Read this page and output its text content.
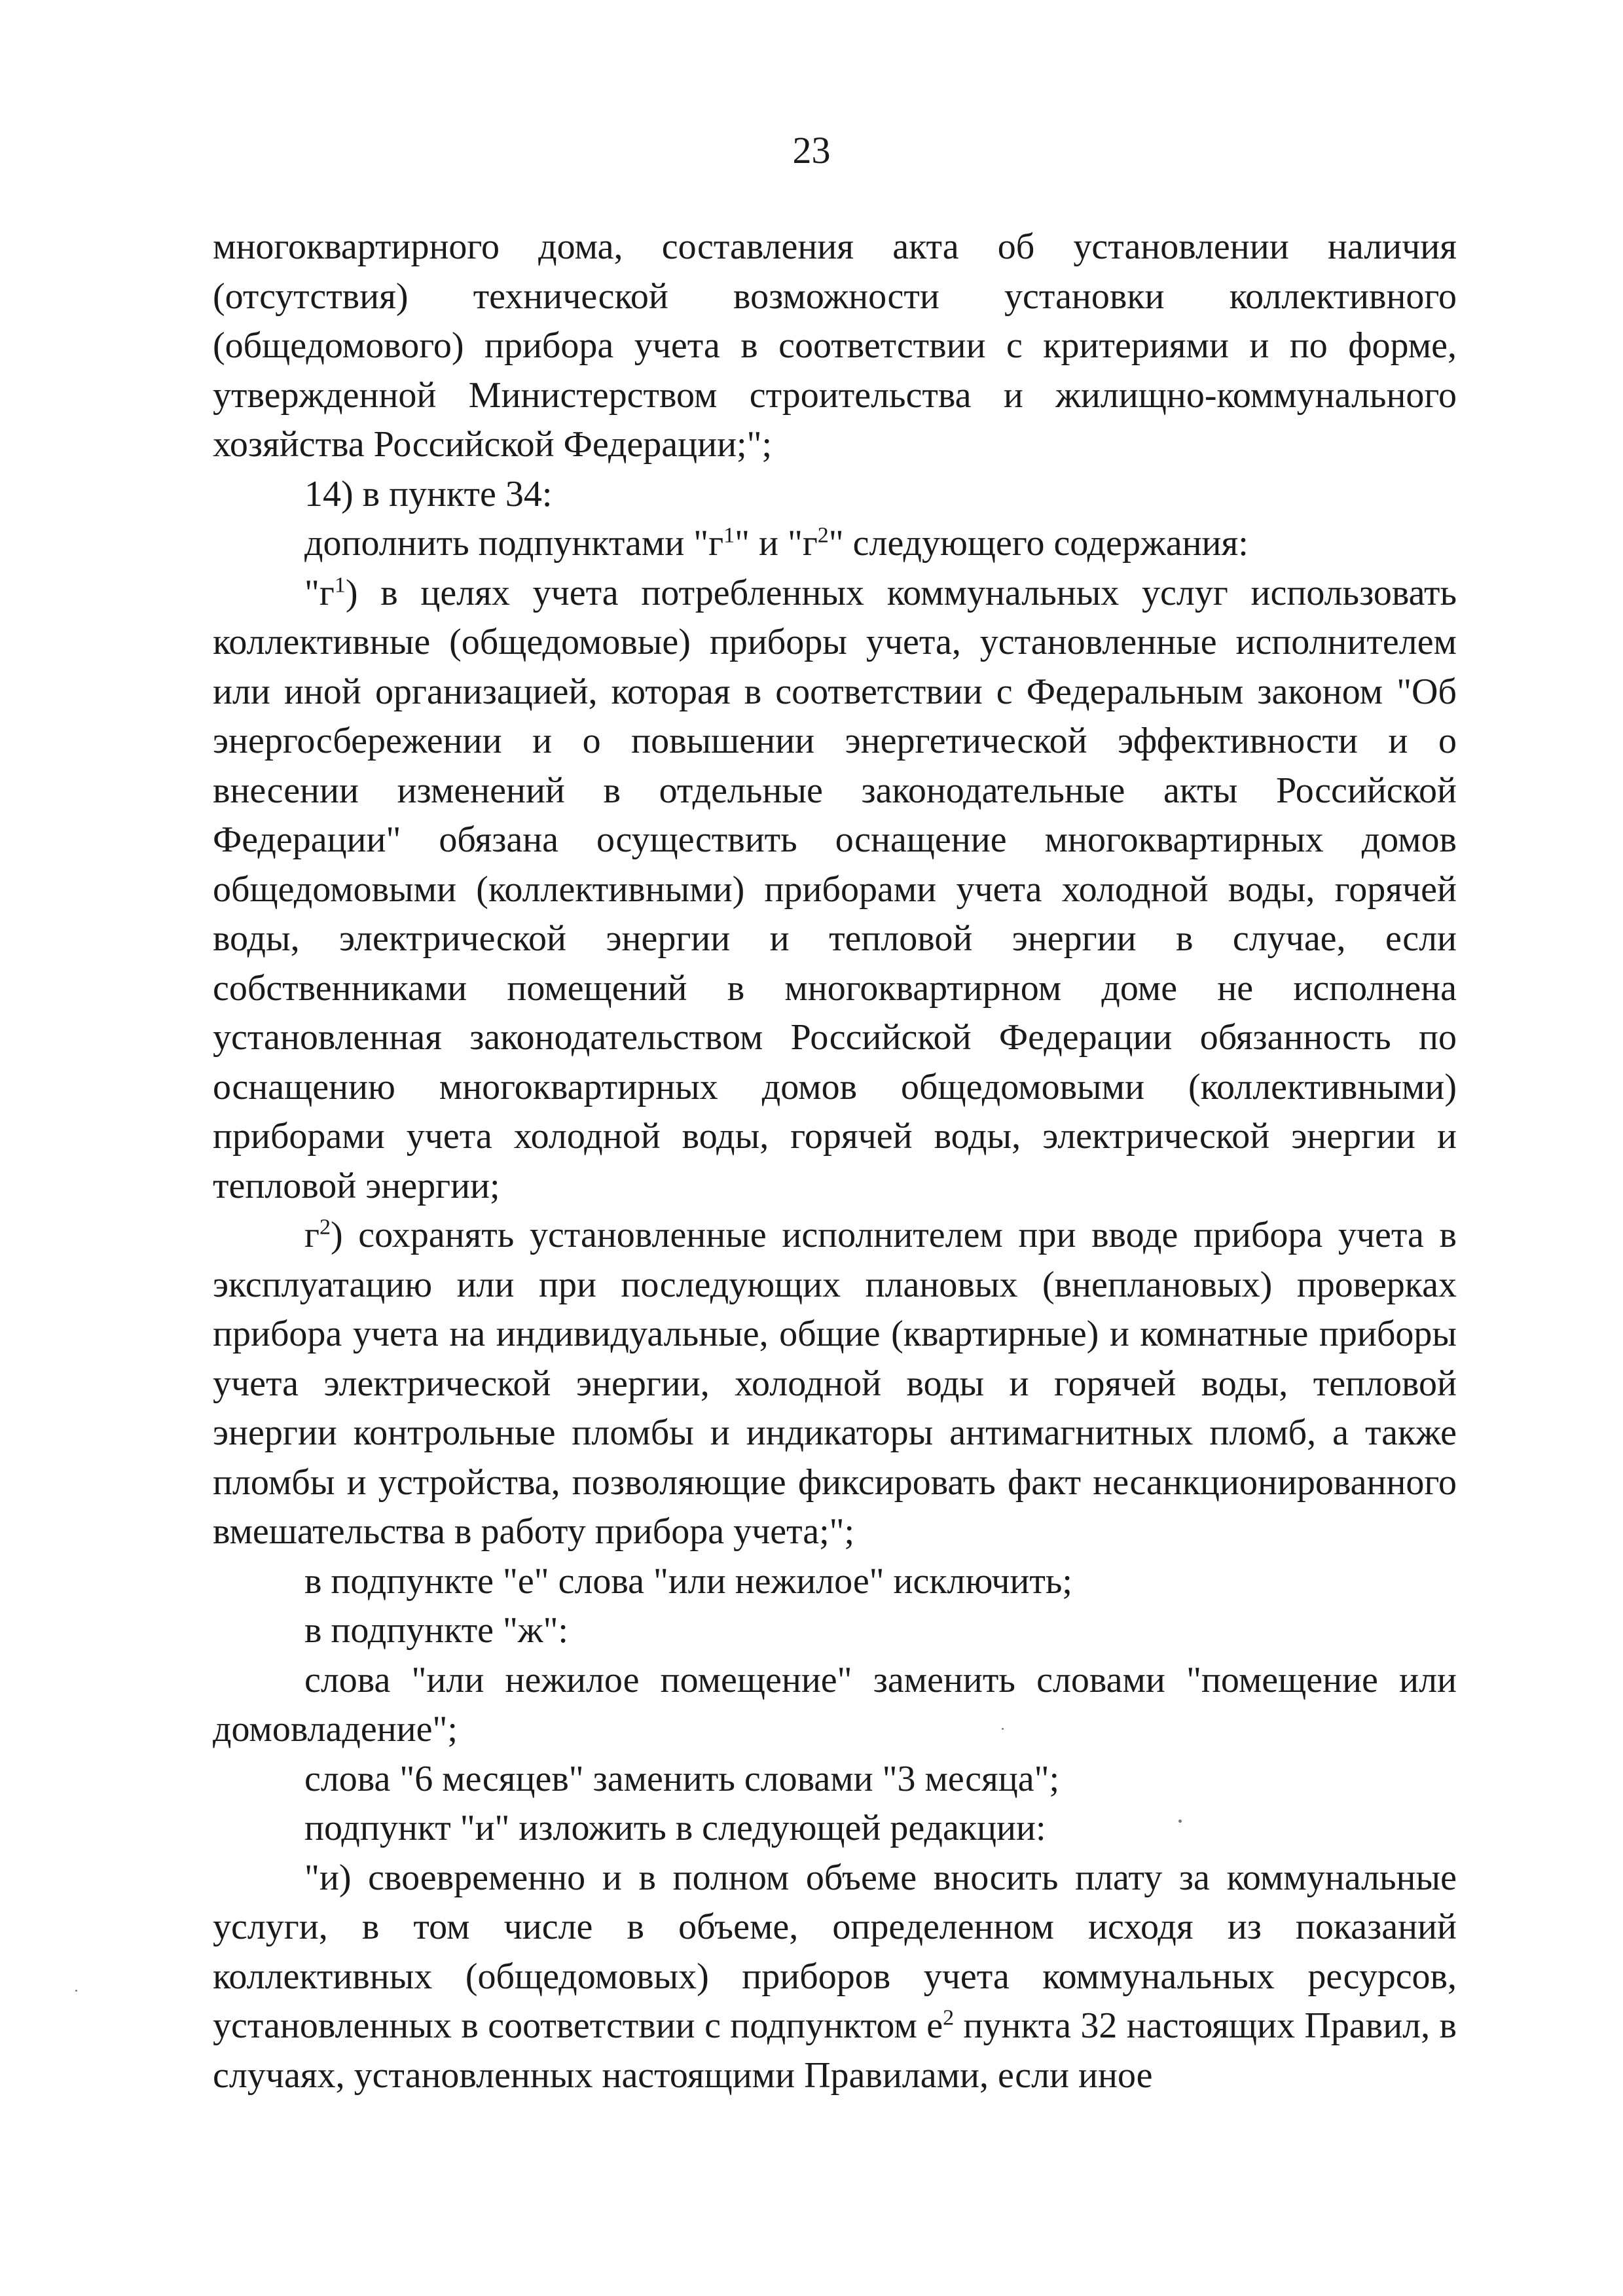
23

многоквартирного дома, составления акта об установлении наличия (отсутствия) технической возможности установки коллективного (общедомового) прибора учета в соответствии с критериями и по форме, утвержденной Министерством строительства и жилищно-коммунального хозяйства Российской Федерации;";

14) в пункте 34:

дополнить подпунктами "$г^1$" и "$г^2$" следующего содержания:

"$г^1$) в целях учета потребленных коммунальных услуг использовать коллективные (общедомовые) приборы учета, установленные исполнителем или иной организацией, которая в соответствии с Федеральным законом "Об энергосбережении и о повышении энергетической эффективности и о внесении изменений в отдельные законодательные акты Российской Федерации" обязана осуществить оснащение многоквартирных домов общедомовыми (коллективными) приборами учета холодной воды, горячей воды, электрической энергии и тепловой энергии в случае, если собственниками помещений в многоквартирном доме не исполнена установленная законодательством Российской Федерации обязанность по оснащению многоквартирных домов общедомовыми (коллективными) приборами учета холодной воды, горячей воды, электрической энергии и тепловой энергии;

$г^2$) сохранять установленные исполнителем при вводе прибора учета в эксплуатацию или при последующих плановых (внеплановых) проверках прибора учета на индивидуальные, общие (квартирные) и комнатные приборы учета электрической энергии, холодной воды и горячей воды, тепловой энергии контрольные пломбы и индикаторы антимагнитных пломб, а также пломбы и устройства, позволяющие фиксировать факт несанкционированного вмешательства в работу прибора учета;";

в подпункте "е" слова "или нежилое" исключить;

в подпункте "ж":

слова "или нежилое помещение" заменить словами "помещение или домовладение";

слова "6 месяцев" заменить словами "3 месяца";

подпункт "и" изложить в следующей редакции:

"и) своевременно и в полном объеме вносить плату за коммунальные услуги, в том числе в объеме, определенном исходя из показаний коллективных (общедомовых) приборов учета коммунальных ресурсов, установленных в соответствии с подпунктом $е^2$ пункта 32 настоящих Правил, в случаях, установленных настоящими Правилами, если иное
